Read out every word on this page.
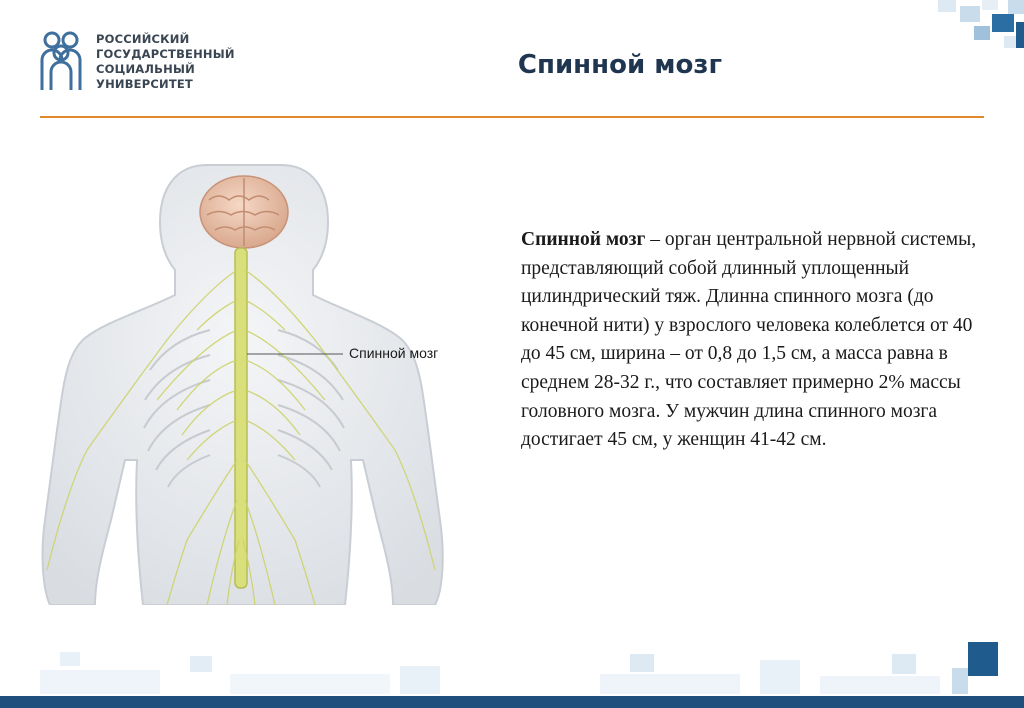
РОССИЙСКИЙ
ГОСУДАРСТВЕННЫЙ
СОЦИАЛЬНЫЙ
УНИВЕРСИТЕТ
Спинной мозг
Спинной мозг
Спинной мозг – орган центральной нервной системы, представляющий собой длинный уплощенный цилиндрический тяж. Длинна спинного мозга (до конечной нити) у взрослого человека колеблется от 40 до 45 см, ширина – от 0,8 до 1,5 см, а масса равна в среднем 28-32 г., что составляет примерно 2% массы головного мозга. У мужчин длина спинного мозга достигает 45 см, у женщин 41-42 см.
